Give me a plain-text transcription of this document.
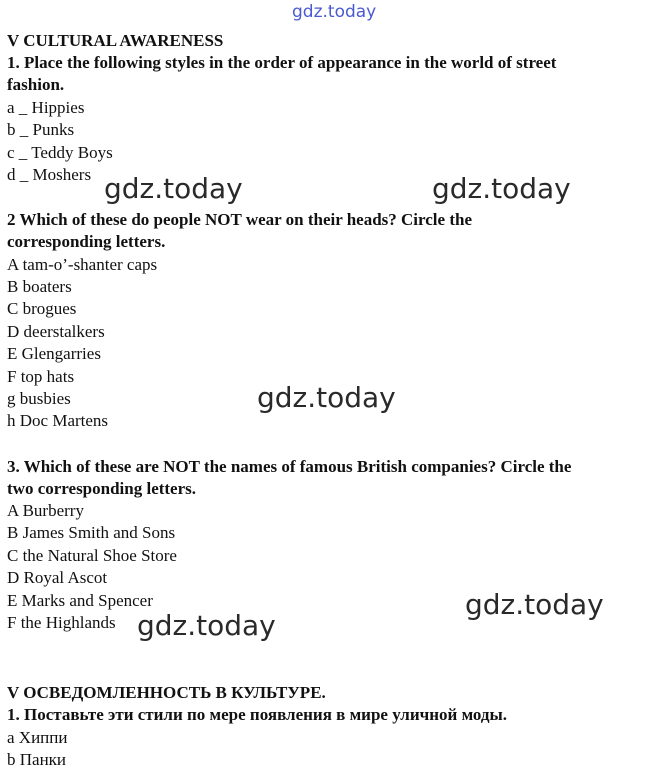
gdz.today
V CULTURAL AWARENESS
1. Place the following styles in the order of appearance in the world of street
fashion.
a _ Hippies
b _ Punks
c _ Teddy Boys
d _ Moshers gdz.today	gdz.today
2 Which of these do people NOT wear on their heads? Circle the
corresponding letters.
A tam-o’-shanter caps
B boaters
C brogues
D deerstalkers
E Glengarries
F top hats
g busbies
h Doc Martens
gdz.today
3. Which of these are NOT the names of famous British companies? Circle the
two corresponding letters.
A Burberry
B James Smith and Sons
C the Natural Shoe Store
D Royal Ascot
E Marks and Spencer
F the Highlands
gdz.today
gdz.today
V ОСВЕДОМЛЕННОСТЬ В КУЛЬТУРЕ.
1. Поставьте эти стили по мере появления в мире уличной моды.
a Хиппи
b Панки
